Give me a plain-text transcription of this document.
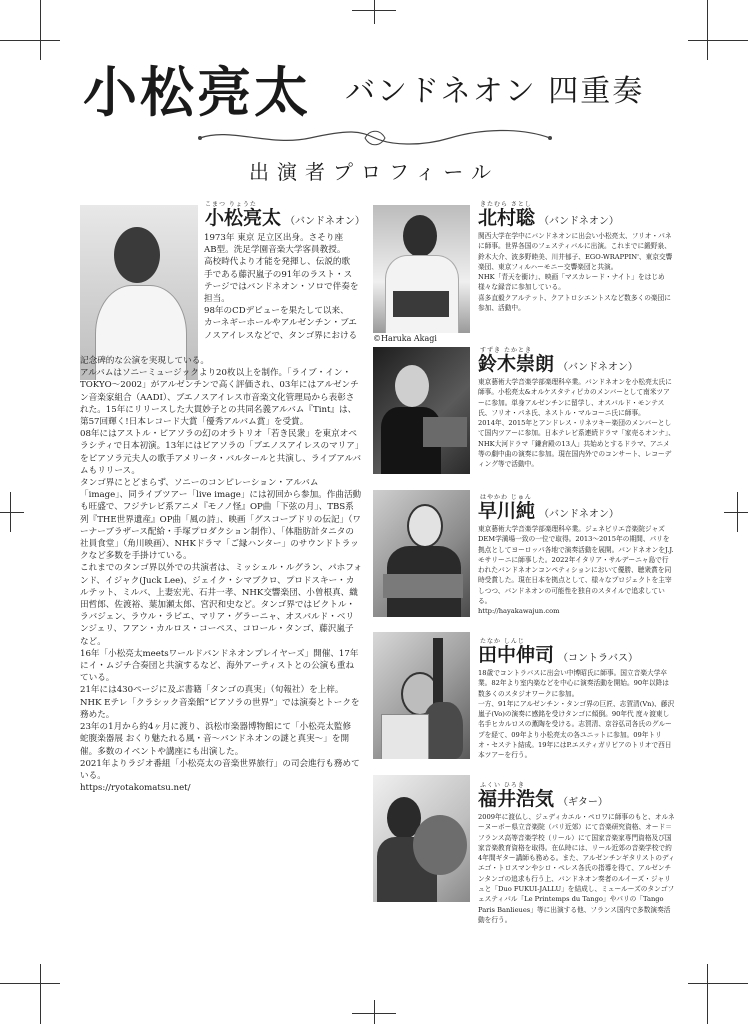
小松亮太 バンドネオン 四重奏
出演者プロフィール
こまつ りょうた
小松亮太 （バンドネオン）

1973年 東京 足立区出身。さそり座

AB型。洗足学園音楽大学客員教授。

高校時代より才能を発揮し、伝説的歌

手である藤沢嵐子の91年のラスト・ス

テージではバンドネオン・ソロで伴奏を

担当。

98年のCDデビューを果たして以来、

カーネギーホールやアルゼンチン・ブエ

ノスアイレスなどで、タンゴ界における

記念碑的な公演を実現している。

アルバムはソニーミュージックより20枚以上を制作。「ライブ・イン・TOKYO〜2002」がアルゼンチンで高く評価され、03年にはアルゼンチン音楽家組合（AADI）、ブエノスアイレス市音楽文化管理局から表彰された。15年にリリースした大貫妙子との共同名義アルバム『Tint』は、第57回輝く!日本レコード大賞「優秀アルバム賞」を受賞。

08年にはアストル・ピアソラの幻のオラトリオ「若き民衆」を東京オペラシティで日本初演。13年にはピアソラの「ブエノスアイレスのマリア」をピアソラ元夫人の歌手アメリータ・バルタールと共演し、ライブアルバムもリリース。

タンゴ界にとどまらず、ソニーのコンピレーション・アルバム「image」、同ライブツアー「live image」には初回から参加。作曲活動も旺盛で、フジテレビ系アニメ『モノノ怪』OP曲「下弦の月」、TBS系列『THE世界遺産』OP曲「風の詩」、映画「グスコーブドリの伝記」（ワーナーブラザース配給・手塚プロダクション制作）、「体脂肪計タニタの社員食堂」（角川映画）、NHKドラマ「ご縁ハンター」のサウンドトラックなど多数を手掛けている。

これまでのタンゴ界以外での共演者は、ミッシェル・ルグラン、パホフォンド、イジャク(Juck Lee)、ジェイク・シマブクロ、プロドスキー・カルテット、ミルバ、上妻宏光、石井一孝、NHK交響楽団、小曽根真、織田哲郎、佐渡裕、葉加瀬太郎、宮沢和史など。タンゴ界ではビクトル・ラバジェン、ラウル・ラビエ、マリア・グラーニャ、オスバルド・ベリンジェリ、フアン・カルロス・コーペス、コロール・タンゴ、藤沢嵐子など。

16年「小松亮太meetsワールドバンドネオンプレイヤーズ」開催、17年にイ・ムジチ合奏団と共演するなど、海外アーティストとの公演も重ねている。

21年には430ページに及ぶ書籍「タンゴの真実」（旬報社）を上梓。NHK Eテレ「クラシック音楽館“ピアソラの世界”」では演奏とトークを務めた。

23年の1月から約4ヶ月に渡り、浜松市楽器博物館にて「小松亮太監修 蛇腹楽器展 おくり魅たれる風・音〜バンドネオンの謎と真実〜」を開催。多数のイベントや講座にも出演した。

2021年よりラジオ番組「小松亮太の音楽世界旅行」の司会進行も務めている。

https://ryotakomatsu.net/

©Haruka Akagi
きたむら さとし
北村聡 （バンドネオン）

関西大学在学中にバンドネオンに出会い小松亮太、フリオ・パネに師事。世界各国のフェスティバルに出演。これまでに鍛野泉、鈴木大介、波多野睦美、川井郁子、EGO-WRAPPIN'、東京交響楽団、東京フィルハーモニー交響楽団と共演。

NHK「青天を衝け」、映画「マスカレード・ナイト」をはじめ様々な録音に参加している。

喜多直毅クアルテット、クアトロシエントスなど数多くの楽団に参加、活動中。

すずき たかとき
鈴木崇朗 （バンドネオン）

東京藝術大学音楽学部楽理科卒業。バンドネオンを小松亮太氏に師事。小松亮太&オルケスタティピカのメンバーとして南米ツアーに参加。単身アルゼンチンに留学し、オスバルド・モンテス氏、フリオ・パネ氏、ネストル・マルコーニ氏に師事。

2014年、2015年とアンドレス・リネツキー楽団のメンバーとして国内ツアーに参加。日本テレビ系連続ドラマ「家売るオンナ」、NHK大河ドラマ「鎌倉殿の13人」共始めとするドラマ、アニメ等の劇中曲の演奏に参加。現在国内外でのコンサート、レコーディング等で活動中。

はやかわ じゅん
早川純 （バンドネオン）

東京藝術大学音楽学部楽理科卒業。ジェネビリエ音楽院ジャズDEM学満場一致の一位で取得。2013〜2015年の期間、パリを拠点としてヨーロッパ各地で演奏活動を展開。バンドネオンをJ.J.モサリーニに師事した。2022年イタリア・サルデーニャ島で行われたバンドネオンコンペティションにおいて優勝、聴衆賞を同時受賞した。現在日本を拠点として、様々なプロジェクトを主宰しつつ、バンドネオンの可能性を独自のスタイルで追求している。

http://hayakawajun.com

たなか しんじ
田中伸司 （コントラバス）

18歳でコントラバスに出会い中博昭氏に師事。国立音楽大学卒業。82年より室内楽などを中心に演奏活動を開始。90年以降は数多くのスタジオワークに参加。

一方、91年にアルゼンチン・タンゴ界の巨匠、志賀清(Vn)、藤沢嵐子(Vo)の演奏に感銘を受けタンゴに傾倒。90年代 度々渡東し名手ヒカルロスの薫陶を受ける。志賀清、京谷弘司各氏のグループを経て、09年より小松亮太の各ユニットに参加。09年トリオ・セステト結成。19年にはP.エスティガリビアのトリオで西日本ツアーを行う。

ふくい ひろき
福井浩気 （ギター）

2009年に渡仏し、ジュディカエル・ペロワに師事のもと、オルネーヌーボー県立音楽院（パリ近郊）にて音楽研究資格、オード＝フランス高等音楽学校（リール）にて国家音楽家専門資格及び国家音楽教育資格を取得。在仏時には、リール近郊の音楽学校で約4年間ギター講師も務める。また、アルゼンチンギタリストのディエゴ・トロスマンやシロ・ペレス各氏の指導を得て、アルゼンチンタンゴの追求も行う上、バンドネオン奏者のルイーズ・ジャリュと「Duo FUKUI-JALLU」を結成し、ミュールーズのタンゴフェスティバル「Le Printemps du Tango」やパリの「Tango Paris Banlieues」等に出演する他、フランス国内で多数演奏活動を行う。
